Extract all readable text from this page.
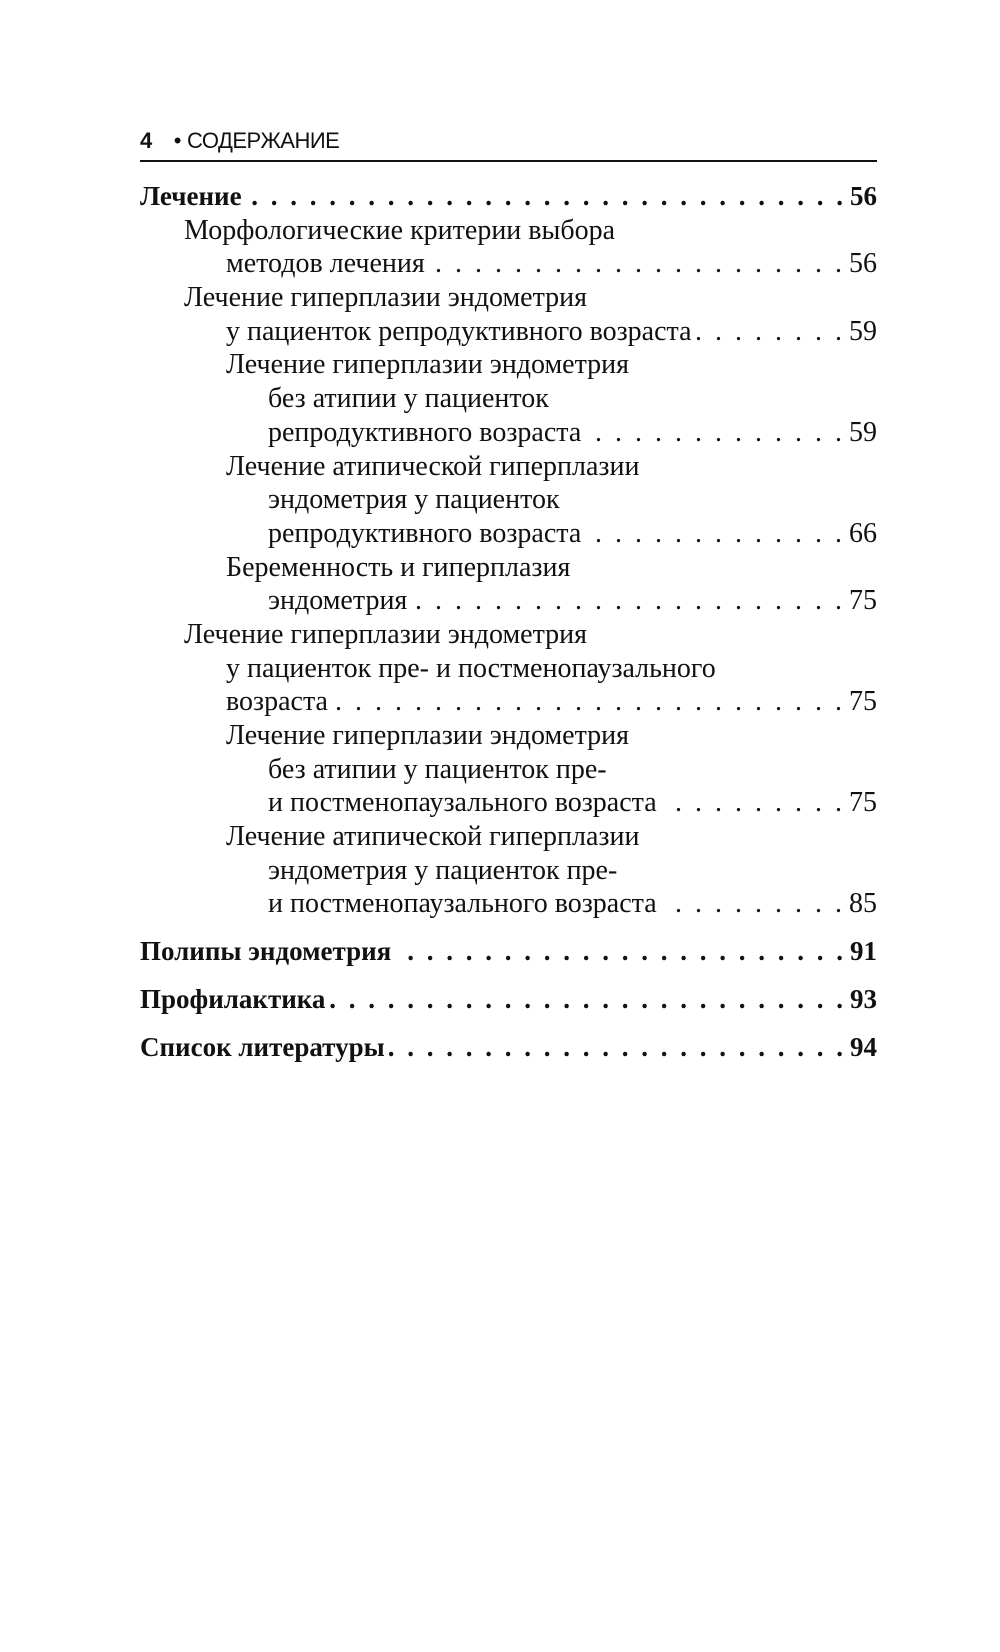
4 • СОДЕРЖАНИЕ
Лечение . . .	56
Морфологические критерии выбора
методов лечения . . .	56
Лечение гиперплазии эндометрия
у пациенток репродуктивного возраста . . .	59
Лечение гиперплазии эндометрия
без атипии у пациенток
репродуктивного возраста . . .	59
Лечение атипической гиперплазии
эндометрия у пациенток
репродуктивного возраста . . .	66
Беременность и гиперплазия
эндометрия . . .	75
Лечение гиперплазии эндометрия
у пациенток пре- и постменопаузального
возраста . . .	75
Лечение гиперплазии эндометрия
без атипии у пациенток пре-
и постменопаузального возраста . . .	75
Лечение атипической гиперплазии
эндометрия у пациенток пре-
и постменопаузального возраста . . .	85
Полипы эндометрия . . .	91
Профилактика . . .	93
Список литературы . . .	94
